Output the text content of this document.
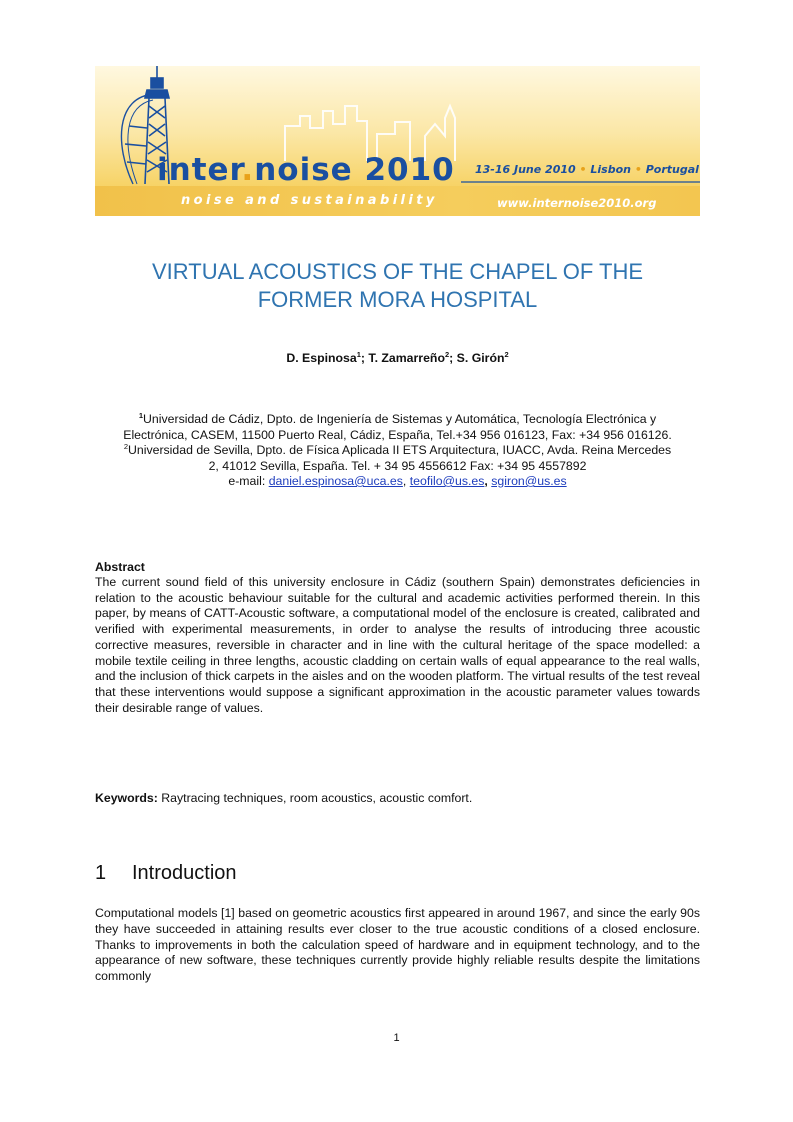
inter.noise 2010
noise and sustainability
13-16 June 2010 • Lisbon • Portugal
www.internoise2010.org
VIRTUAL ACOUSTICS OF THE CHAPEL OF THE
FORMER MORA HOSPITAL
D. Espinosa$^1$; T. Zamarreño$^2$; S. Girón$^2$
$^1$Universidad de Cádiz, Dpto. de Ingeniería de Sistemas y Automática, Tecnología Electrónica y
Electrónica, CASEM, 11500 Puerto Real, Cádiz, España, Tel.+34 956 016123, Fax: +34 956 016126.
$^2$Universidad de Sevilla, Dpto. de Física Aplicada II ETS Arquitectura, IUACC, Avda. Reina Mercedes
2, 41012 Sevilla, España. Tel. + 34 95 4556612 Fax: +34 95 4557892
e-mail: daniel.espinosa@uca.es, teofilo@us.es, sgiron@us.es
Abstract

The current sound field of this university enclosure in Cádiz (southern Spain) demonstrates deficiencies in relation to the acoustic behaviour suitable for the cultural and academic activities performed therein. In this paper, by means of CATT-Acoustic software, a computational model of the enclosure is created, calibrated and verified with experimental measurements, in order to analyse the results of introducing three acoustic corrective measures, reversible in character and in line with the cultural heritage of the space modelled: a mobile textile ceiling in three lengths, acoustic cladding on certain walls of equal appearance to the real walls, and the inclusion of thick carpets in the aisles and on the wooden platform. The virtual results of the test reveal that these interventions would suppose a significant approximation in the acoustic parameter values towards their desirable range of values.

Keywords: Raytracing techniques, room acoustics, acoustic comfort.
1 Introduction

Computational models [1] based on geometric acoustics first appeared in around 1967, and since the early 90s they have succeeded in attaining results ever closer to the true acoustic conditions of a closed enclosure. Thanks to improvements in both the calculation speed of hardware and in equipment technology, and to the appearance of new software, these techniques currently provide highly reliable results despite the limitations commonly

1
